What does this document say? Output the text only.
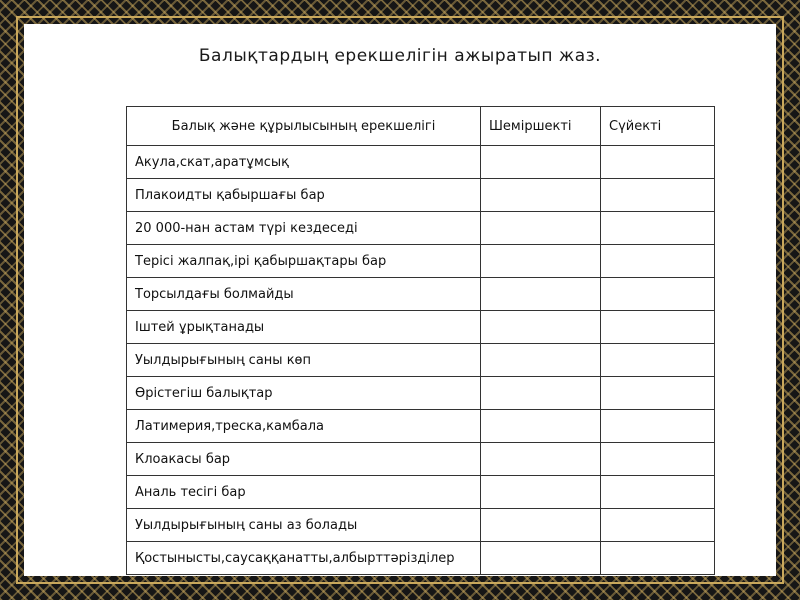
Балықтардың ерекшелігін ажыратып жаз.
Балық және құрылысының ерекшелігі	Шеміршекті	Сүйекті
Акула,скат,аратұмсық		
Плакоидты қабыршағы бар		
20 000-нан астам түрі кездеседі		
Терісі жалпақ,ірі қабыршақтары бар		
Торсылдағы болмайды		
Іштей ұрықтанады		
Уылдырығының саны көп		
Өрістегіш балықтар		
Латимерия,треска,камбала		
Клоакасы бар		
Аналь тесігі бар		
Уылдырығының саны аз болады		
Қостынысты,саусаққанатты,албырттәрізділер		
